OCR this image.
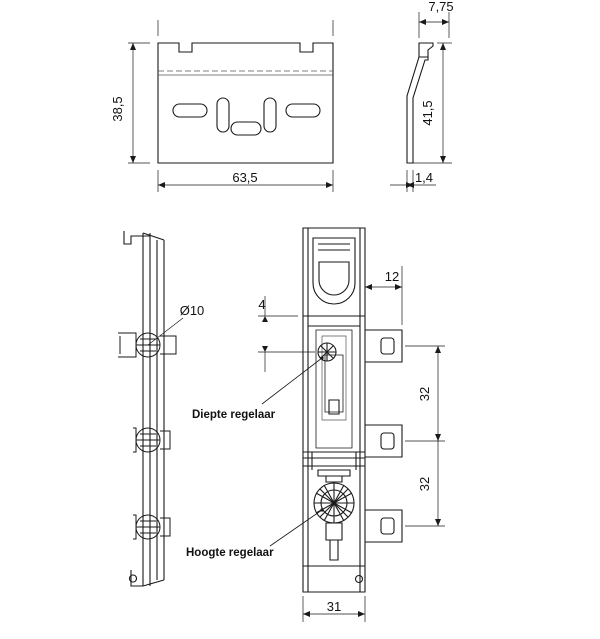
38,5
63,5
7,75
41,5
1,4
Ø10
12
4
32
32
31
Diepte regelaar
Hoogte regelaar
